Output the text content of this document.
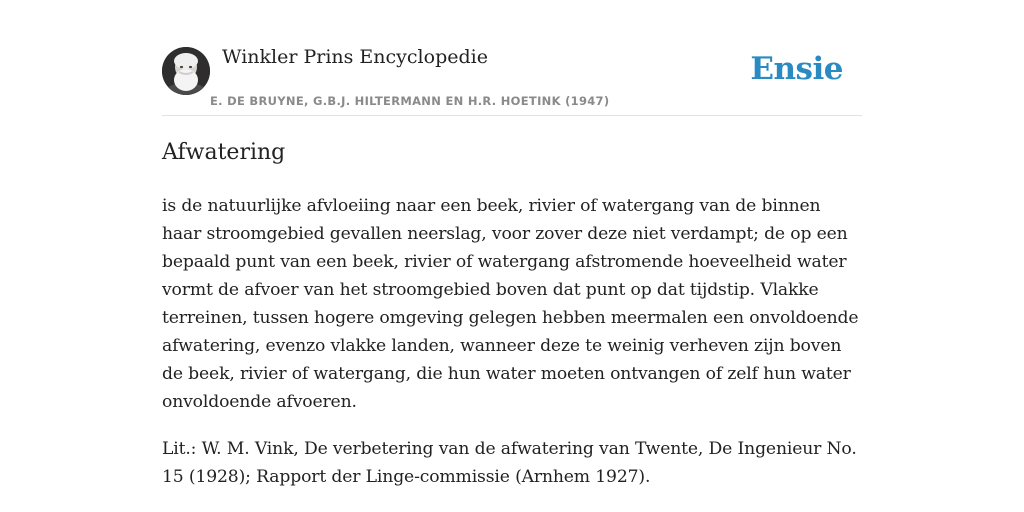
Winkler Prins Encyclopedie
E. DE BRUYNE, G.B.J. HILTERMANN EN H.R. HOETINK (1947)
Ensie
Afwatering

is de natuurlijke afvloeiing naar een beek, rivier of watergang van de binnen haar stroomgebied gevallen neerslag, voor zover deze niet verdampt; de op een bepaald punt van een beek, rivier of watergang afstromende hoeveelheid water vormt de afvoer van het stroomgebied boven dat punt op dat tijdstip. Vlakke terreinen, tussen hogere omgeving gelegen hebben meermalen een onvoldoende afwatering, evenzo vlakke landen, wanneer deze te weinig verheven zijn boven de beek, rivier of watergang, die hun water moeten ontvangen of zelf hun water onvoldoende afvoeren.

Lit.: W. M. Vink, De verbetering van de afwatering van Twente, De Ingenieur No. 15 (1928); Rapport der Linge-commissie (Arnhem 1927).
